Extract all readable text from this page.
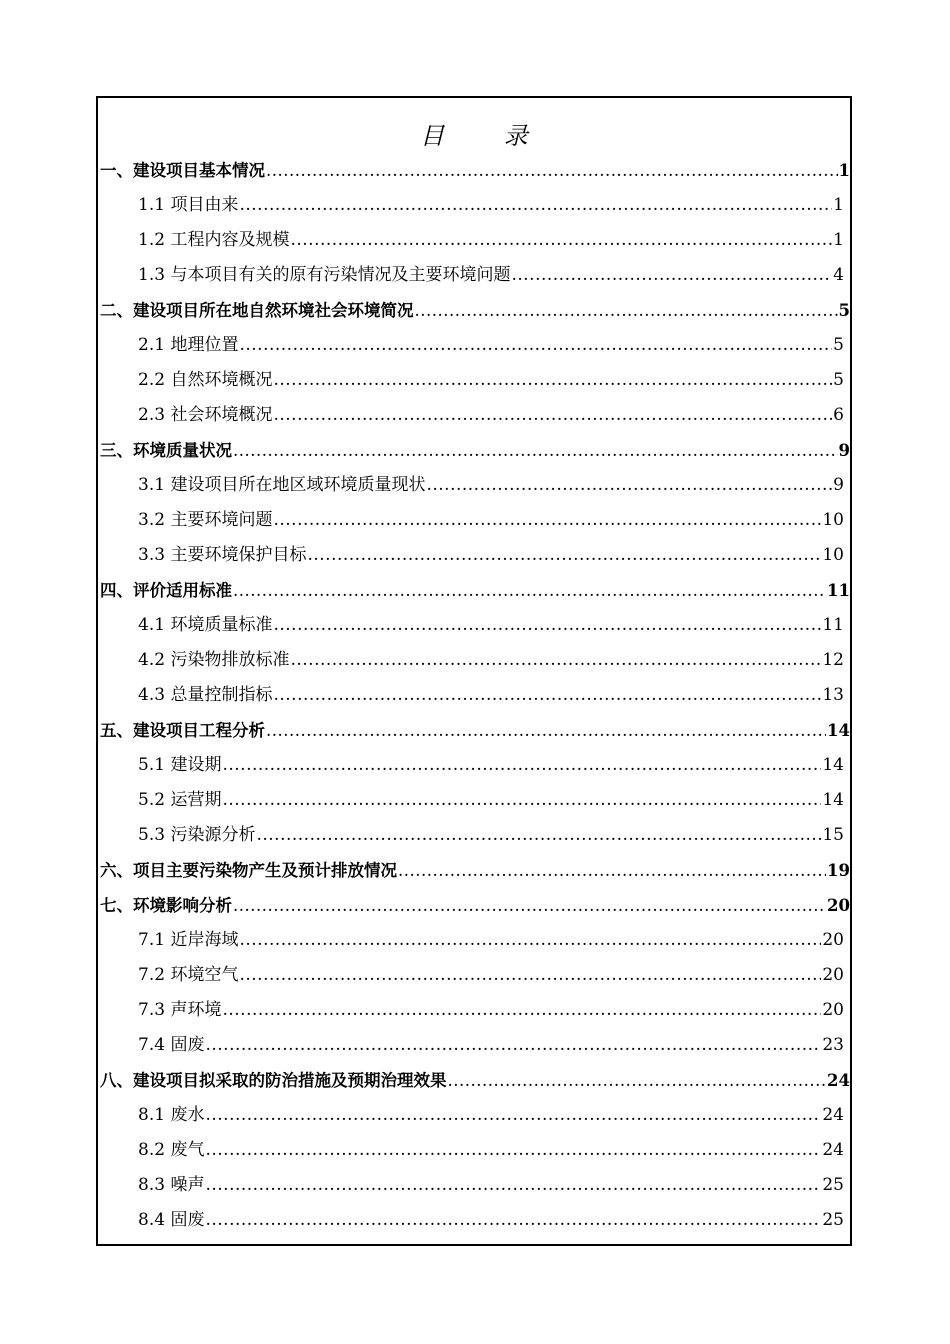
目 录
一、建设项目基本情况 .....	1
1.1 项目由来 .....	1
1.2 工程内容及规模 .....	1
1.3 与本项目有关的原有污染情况及主要环境问题 .....	4
二、建设项目所在地自然环境社会环境简况 .....	5
2.1 地理位置 .....	5
2.2 自然环境概况 .....	5
2.3 社会环境概况 .....	6
三、环境质量状况 .....	9
3.1 建设项目所在地区域环境质量现状 .....	9
3.2 主要环境问题 .....	10
3.3 主要环境保护目标 .....	10
四、评价适用标准 .....	11
4.1 环境质量标准 .....	11
4.2 污染物排放标准 .....	12
4.3 总量控制指标 .....	13
五、建设项目工程分析 .....	14
5.1 建设期 .....	14
5.2 运营期 .....	14
5.3 污染源分析 .....	15
六、项目主要污染物产生及预计排放情况 .....	19
七、环境影响分析 .....	20
7.1 近岸海域 .....	20
7.2 环境空气 .....	20
7.3 声环境 .....	20
7.4 固废 .....	23
八、建设项目拟采取的防治措施及预期治理效果 .....	24
8.1 废水 .....	24
8.2 废气 .....	24
8.3 噪声 .....	25
8.4 固废 .....	25
